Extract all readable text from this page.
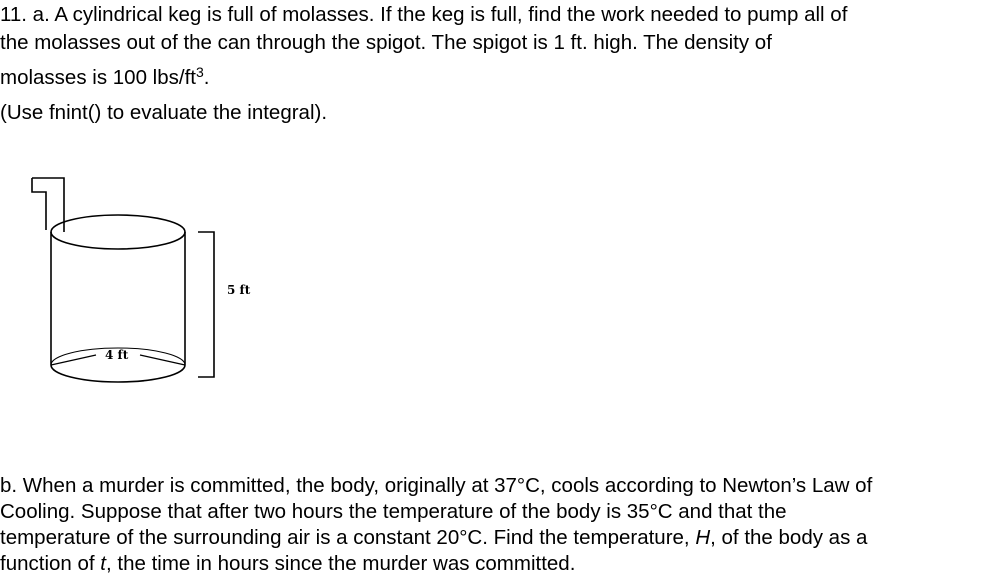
11. a. A cylindrical keg is full of molasses. If the keg is full, find the work needed to pump all of
the molasses out of the can through the spigot. The spigot is 1 ft. high. The density of
molasses is 100 lbs/$ft^3$.
(Use fnint() to evaluate the integral).
5 ft
4 ft
b. When a murder is committed, the body, originally at 37°C, cools according to Newton’s Law of
Cooling. Suppose that after two hours the temperature of the body is 35°C and that the
temperature of the surrounding air is a constant 20°C. Find the temperature, H, of the body as a
function of t, the time in hours since the murder was committed.
